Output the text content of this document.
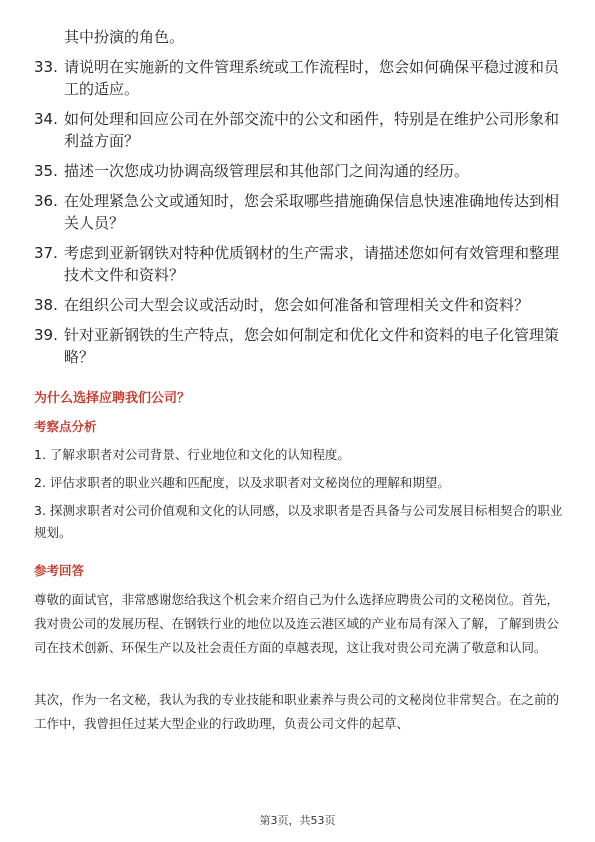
其中扮演的角色。
33. 请说明在实施新的文件管理系统或工作流程时，您会如何确保平稳过渡和员工的适应。
34. 如何处理和回应公司在外部交流中的公文和函件，特别是在维护公司形象和利益方面？
35. 描述一次您成功协调高级管理层和其他部门之间沟通的经历。
36. 在处理紧急公文或通知时，您会采取哪些措施确保信息快速准确地传达到相关人员？
37. 考虑到亚新钢铁对特种优质钢材的生产需求，请描述您如何有效管理和整理技术文件和资料？
38. 在组织公司大型会议或活动时，您会如何准备和管理相关文件和资料？
39. 针对亚新钢铁的生产特点，您会如何制定和优化文件和资料的电子化管理策略？
为什么选择应聘我们公司？
考察点分析
1. 了解求职者对公司背景、行业地位和文化的认知程度。
2. 评估求职者的职业兴趣和匹配度，以及求职者对文秘岗位的理解和期望。
3. 探测求职者对公司价值观和文化的认同感，以及求职者是否具备与公司发展目标相契合的职业规划。
参考回答

尊敬的面试官，非常感谢您给我这个机会来介绍自己为什么选择应聘贵公司的文秘岗位。首先，我对贵公司的发展历程、在钢铁行业的地位以及连云港区域的产业布局有深入了解，了解到贵公司在技术创新、环保生产以及社会责任方面的卓越表现，这让我对贵公司充满了敬意和认同。

其次，作为一名文秘，我认为我的专业技能和职业素养与贵公司的文秘岗位非常契合。在之前的工作中，我曾担任过某大型企业的行政助理，负责公司文件的起草、

第3页，共53页
